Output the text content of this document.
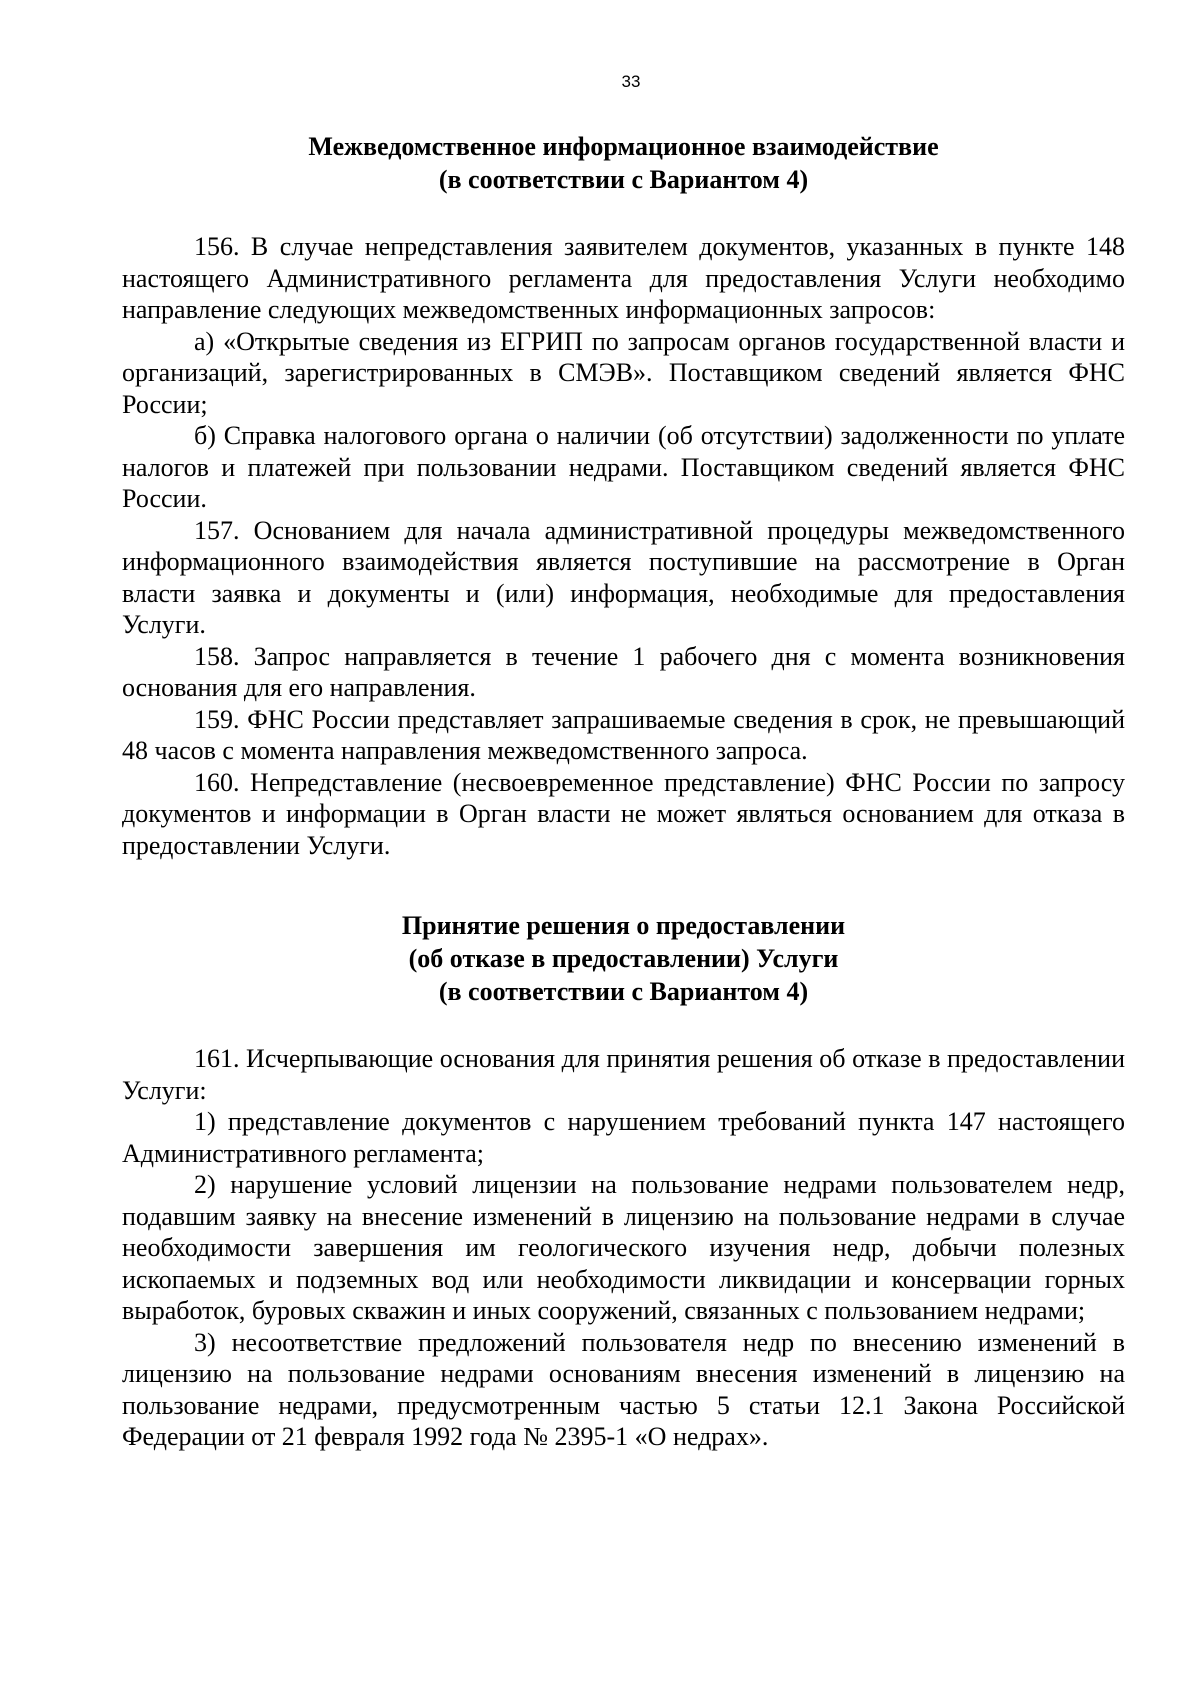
33
Межведомственное информационное взаимодействие
(в соответствии с Вариантом 4)

156. В случае непредставления заявителем документов, указанных в пункте 148 настоящего Административного регламента для предоставления Услуги необходимо направление следующих межведомственных информационных запросов:

а) «Открытые сведения из ЕГРИП по запросам органов государственной власти и организаций, зарегистрированных в СМЭВ». Поставщиком сведений является ФНС России;

б) Справка налогового органа о наличии (об отсутствии) задолженности по уплате налогов и платежей при пользовании недрами. Поставщиком сведений является ФНС России.

157. Основанием для начала административной процедуры межведомственного информационного взаимодействия является поступившие на рассмотрение в Орган власти заявка и документы и (или) информация, необходимые для предоставления Услуги.

158. Запрос направляется в течение 1 рабочего дня с момента возникновения основания для его направления.

159. ФНС России представляет запрашиваемые сведения в срок, не превышающий 48 часов с момента направления межведомственного запроса.

160. Непредставление (несвоевременное представление) ФНС России по запросу документов и информации в Орган власти не может являться основанием для отказа в предоставлении Услуги.

Принятие решения о предоставлении
(об отказе в предоставлении) Услуги
(в соответствии с Вариантом 4)

161. Исчерпывающие основания для принятия решения об отказе в предоставлении Услуги:

1) представление документов с нарушением требований пункта 147 настоящего Административного регламента;

2) нарушение условий лицензии на пользование недрами пользователем недр, подавшим заявку на внесение изменений в лицензию на пользование недрами в случае необходимости завершения им геологического изучения недр, добычи полезных ископаемых и подземных вод или необходимости ликвидации и консервации горных выработок, буровых скважин и иных сооружений, связанных с пользованием недрами;

3) несоответствие предложений пользователя недр по внесению изменений в лицензию на пользование недрами основаниям внесения изменений в лицензию на пользование недрами, предусмотренным частью 5 статьи 12.1 Закона Российской Федерации от 21 февраля 1992 года № 2395-1 «О недрах».
